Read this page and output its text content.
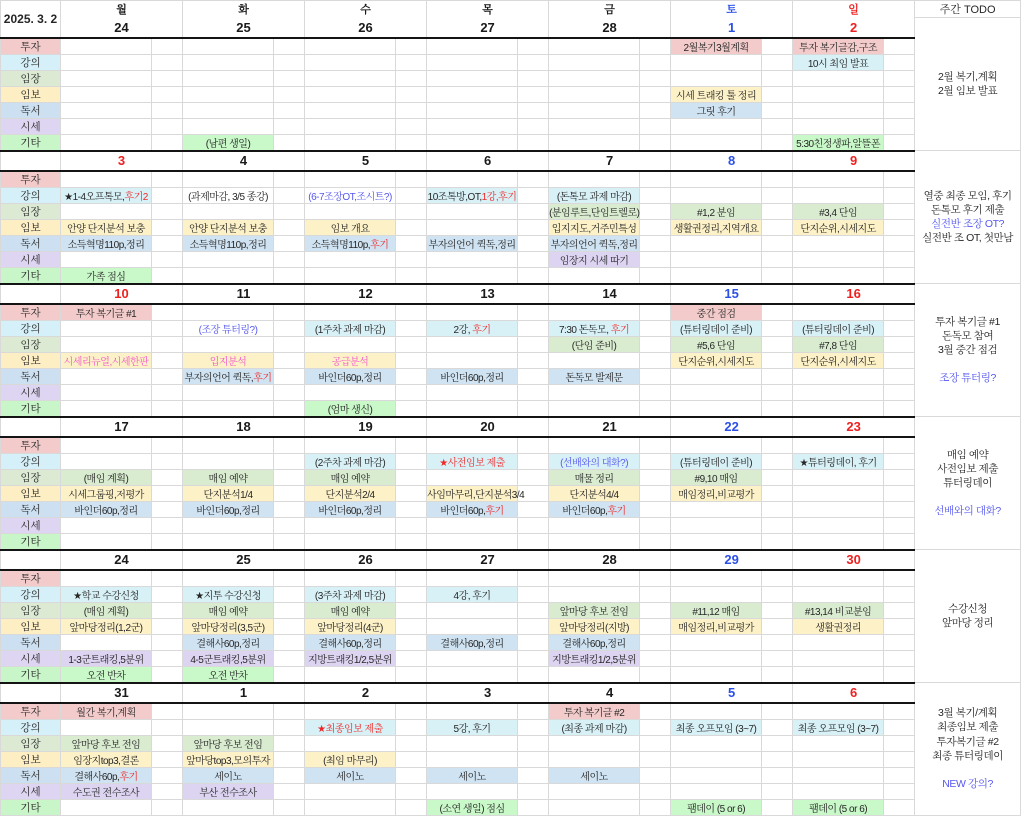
2025. 3. 2	월		화		수		목		금		토		일		주간 TODO
	24		25		26		27		28		1		2		2월 복기,계획
2월 임보 발표

투자											2월복기3월계획		투자 복기글감,구조		
강의													10시 최임 발표		
임장															
임보											시세 트래킹 툴 정리				
독서											그릿 후기				
시세															
기타			(남편 생일)										5:30친정생파,알뜰폰		
	3		4		5		6		7		8		9		열중 최종 모임, 후기
돈톡모 후기 제출
실전반 조장 OT?
실전반 조 OT, 첫만남

투자															
강의	★1-4오프톡모,후기2		(과제마감, 3/5 종강)		(6-7조장OT,조시트?)		10조톡방,OT,1강,후기		(돈톡모 과제 마감)						
임장									(분임루트,단임트렐로)		#1,2 분임		#3,4 단임		
임보	안양 단지분석 보충		안양 단지분석 보충		임보 개요				입지지도,거주민특성		생활권정리,지역개요		단지순위,시세지도		
독서	소득혁명110p,정리		소득혁명110p,정리		소득혁명110p,후기		부자의언어 퀵독,정리		부자의언어 퀵독,정리						
시세									임장지 시세 따기						
기타	가족 점심														
	10		11		12		13		14		15		16		투자 복기글 #1
돈독모 참여
3월 중간 점검

조장 튜터링?

투자	투자 복기글 #1										중간 점검				
강의			(조장 튜터링?)		(1주차 과제 마감)		2강, 후기		7:30 돈독모, 후기		(튜터링데이 준비)		(튜터링데이 준비)		
임장									(단임 준비)		#5,6 단임		#7,8 단임		
임보	시세리뉴얼,시세한판		입지분석		공급분석						단지순위,시세지도		단지순위,시세지도		
독서			부자의언어 퀵독,후기		바인더60p,정리		바인더60p,정리		돈독모 발제문						
시세															
기타					(엄마 생신)										
	17		18		19		20		21		22		23		매임 예약
사전임보 제출
튜터링데이

선배와의 대화?

투자															
강의					(2주차 과제 마감)		★사전임보 제출		(선배와의 대화?)		(튜터링데이 준비)		★튜터링데이, 후기		
임장	(매임 계획)		매임 예약		매임 예약				매물 정리		#9,10 매임				
임보	시세그룹핑,저평가		단지분석1/4		단지분석2/4		사임마무리,단지분석3/4		단지분석4/4		매임정리,비교평가				
독서	바인더60p,정리		바인더60p,정리		바인더60p,정리		바인더60p,후기		바인더60p,후기						
시세															
기타															
	24		25		26		27		28		29		30		수강신청
앞마당 정리

투자															
강의	★학교 수강신청		★지투 수강신청		(3주차 과제 마감)		4강, 후기								
임장	(매임 계획)		매임 예약		매임 예약				앞마당 후보 전임		#11,12 매임		#13,14 비교분임		
임보	앞마당정리(1,2군)		앞마당정리(3,5군)		앞마당정리(4군)				앞마당정리(지방)		매임정리,비교평가		생활권정리		
독서			결해사60p,정리		결해사60p,정리		결해사60p,정리		결해사60p,정리						
시세	1-3군트래킹,5분위		4-5군트래킹,5분위		지방트래킹1/2,5분위				지방트래킹1/2,5분위						
기타	오전 반차		오전 반차												
	31		1		2		3		4		5		6		3월 복기/계획
최종임보 제출
투자복기글 #2
최종 튜터링데이

NEW 강의?

투자	월간 복기,계획								투자 복기글 #2						
강의					★최종임보 제출		5강, 후기		(최종 과제 마감)		최종 오프모임 (3~7)		최종 오프모임 (3~7)		
임장	앞마당 후보 전임		앞마당 후보 전임												
임보	임장지top3,결론		앞마당top3,모의투자		(최임 마무리)										
독서	결해사60p,후기		세이노		세이노		세이노		세이노						
시세	수도권 전수조사		부산 전수조사												
기타							(소연 생일) 점심				팸데이 (5 or 6)		팸데이 (5 or 6)		
